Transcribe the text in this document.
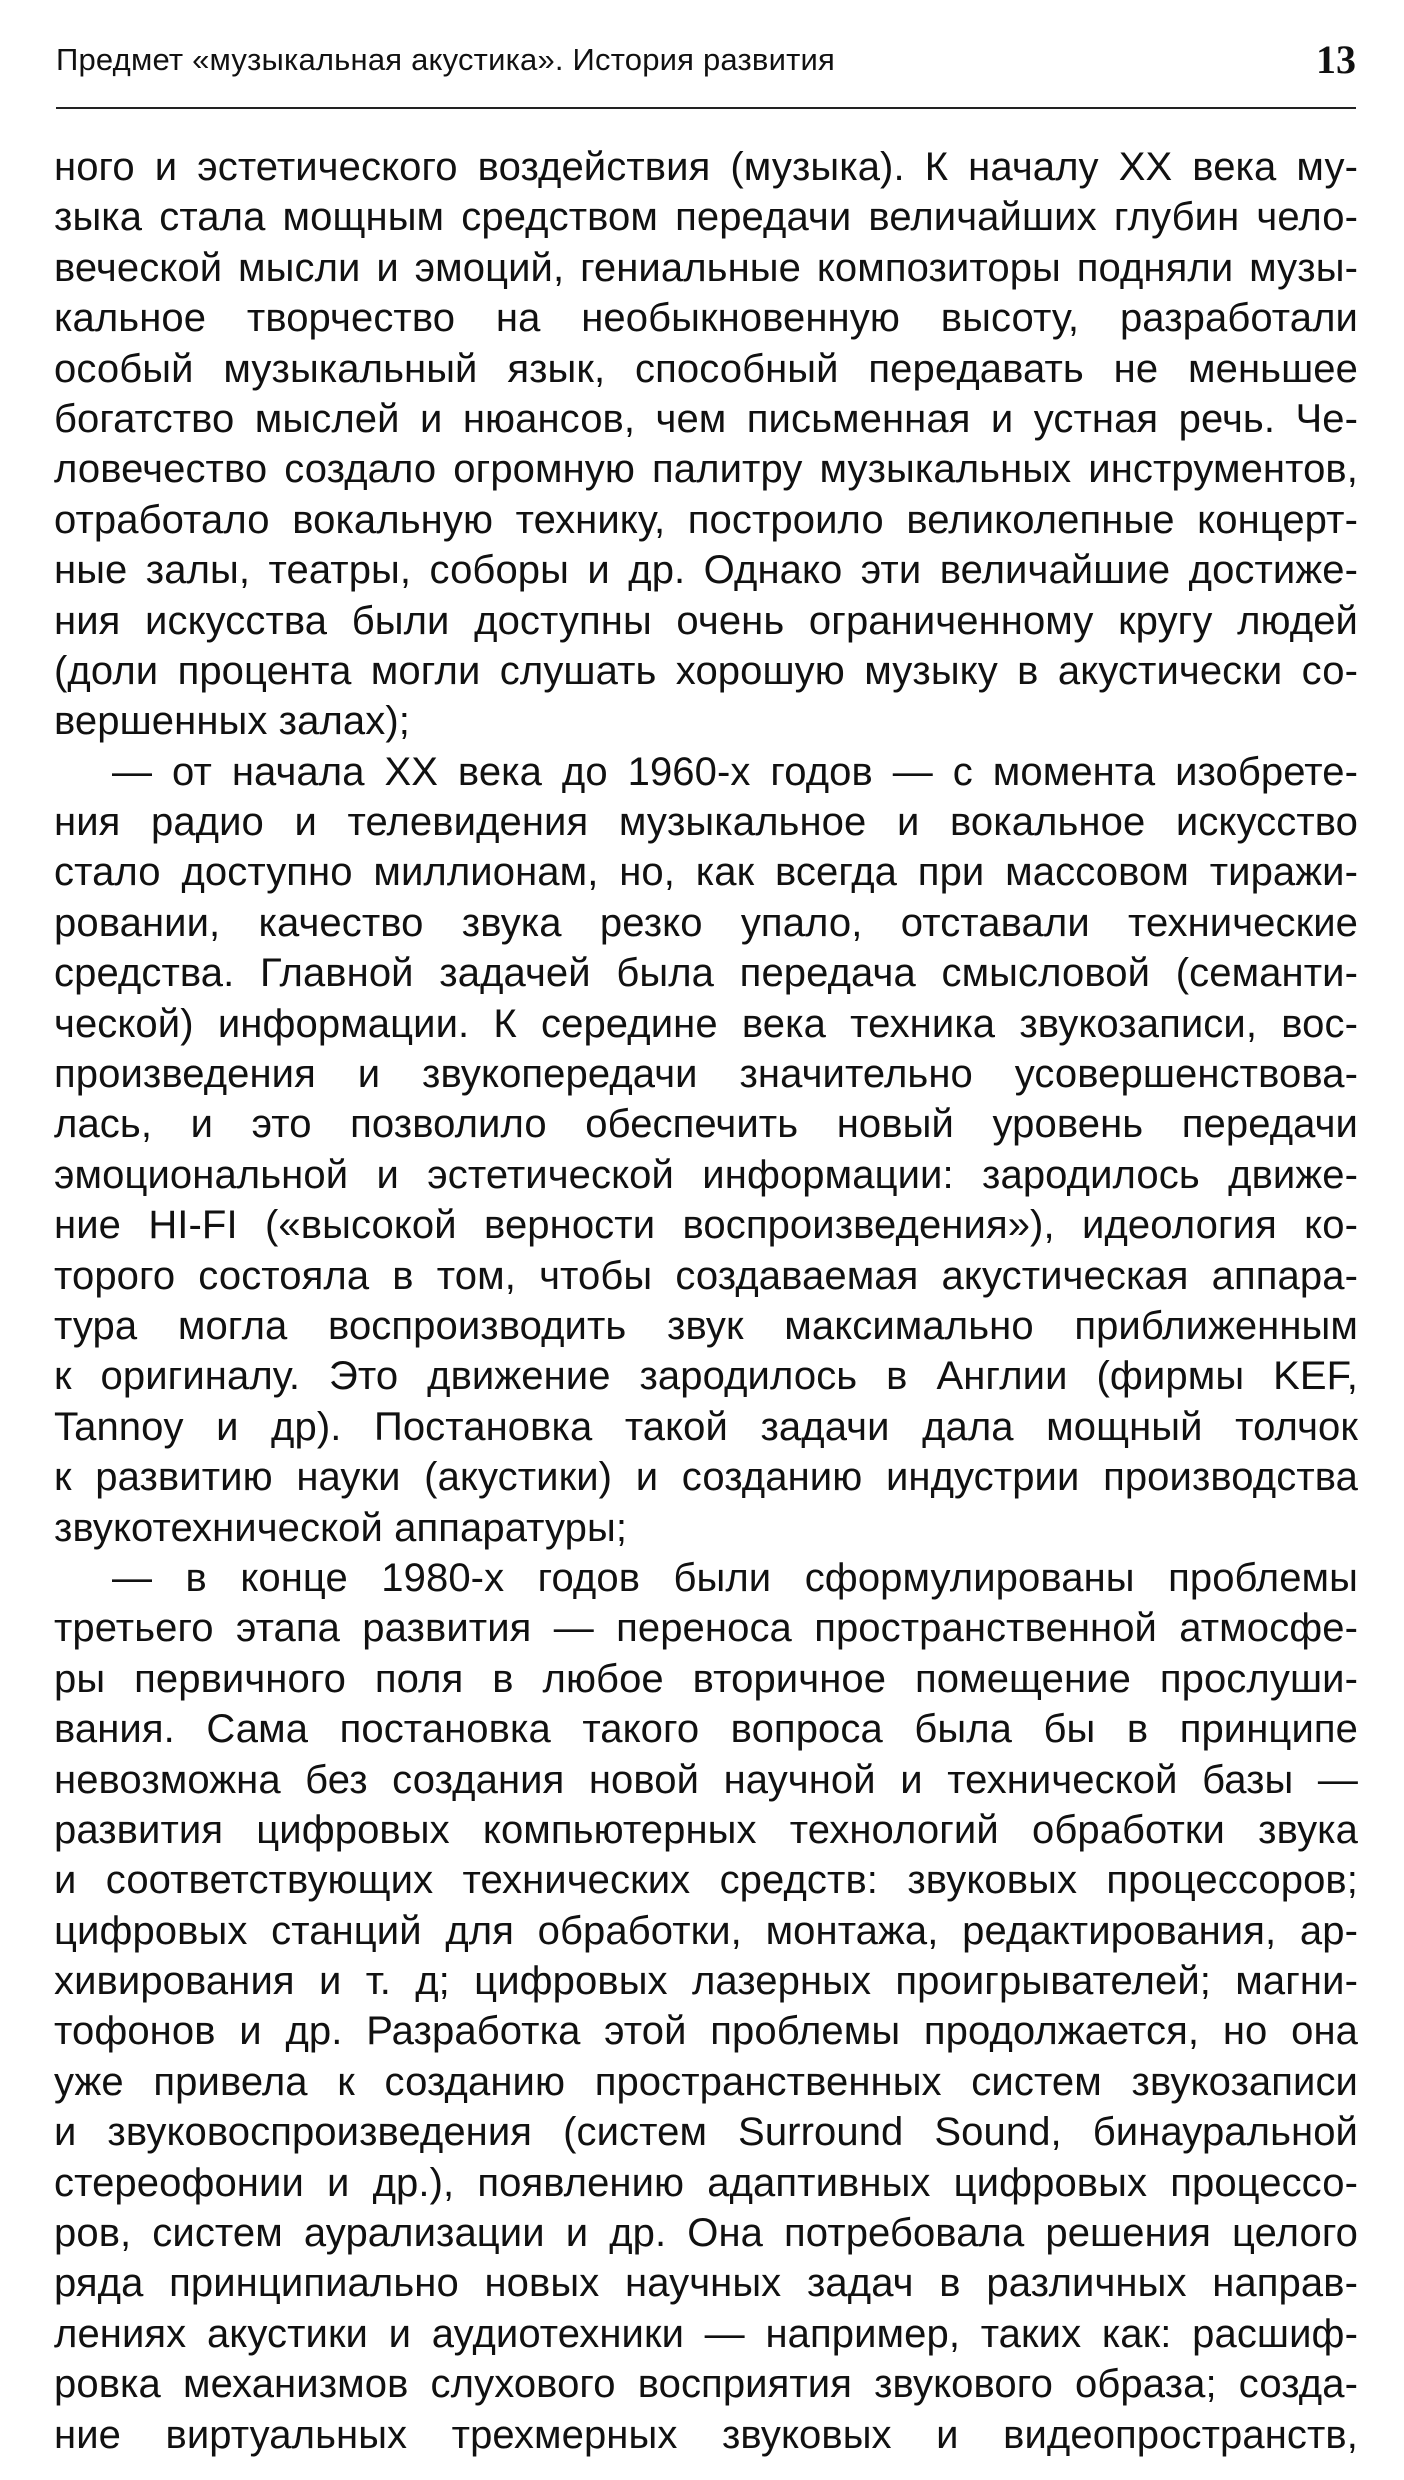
Предмет «музыкальная акустика». История развития	13
ного и эстетического воздействия (музыка). К началу XX века му-
зыка стала мощным средством передачи величайших глубин чело-
веческой мысли и эмоций, гениальные композиторы подняли музы-
кальное творчество на необыкновенную высоту, разработали
особый музыкальный язык, способный передавать не меньшее
богатство мыслей и нюансов, чем письменная и устная речь. Че-
ловечество создало огромную палитру музыкальных инструментов,
отработало вокальную технику, построило великолепные концерт-
ные залы, театры, соборы и др. Однако эти величайшие достиже-
ния искусства были доступны очень ограниченному кругу людей
(доли процента могли слушать хорошую музыку в акустически со-
вершенных залах);
— от начала XX века до 1960-х годов — с момента изобрете-
ния радио и телевидения музыкальное и вокальное искусство
стало доступно миллионам, но, как всегда при массовом тиражи-
ровании, качество звука резко упало, отставали технические
средства. Главной задачей была передача смысловой (семанти-
ческой) информации. К середине века техника звукозаписи, вос-
произведения и звукопередачи значительно усовершенствова-
лась, и это позволило обеспечить новый уровень передачи
эмоциональной и эстетической информации: зародилось движе-
ние HI-FI («высокой верности воспроизведения»), идеология ко-
торого состояла в том, чтобы создаваемая акустическая аппара-
тура могла воспроизводить звук максимально приближенным
к оригиналу. Это движение зародилось в Англии (фирмы KEF,
Tannoy и др). Постановка такой задачи дала мощный толчок
к развитию науки (акустики) и созданию индустрии производства
звукотехнической аппаратуры;
— в конце 1980-х годов были сформулированы проблемы
третьего этапа развития — переноса пространственной атмосфе-
ры первичного поля в любое вторичное помещение прослуши-
вания. Сама постановка такого вопроса была бы в принципе
невозможна без создания новой научной и технической базы —
развития цифровых компьютерных технологий обработки звука
и соответствующих технических средств: звуковых процессоров;
цифровых станций для обработки, монтажа, редактирования, ар-
хивирования и т. д; цифровых лазерных проигрывателей; магни-
тофонов и др. Разработка этой проблемы продолжается, но она
уже привела к созданию пространственных систем звукозаписи
и звуковоспроизведения (систем Surround Sound, бинауральной
стереофонии и др.), появлению адаптивных цифровых процессо-
ров, систем аурализации и др. Она потребовала решения целого
ряда принципиально новых научных задач в различных направ-
лениях акустики и аудиотехники — например, таких как: расшиф-
ровка механизмов слухового восприятия звукового образа; созда-
ние виртуальных трехмерных звуковых и видеопространств,
